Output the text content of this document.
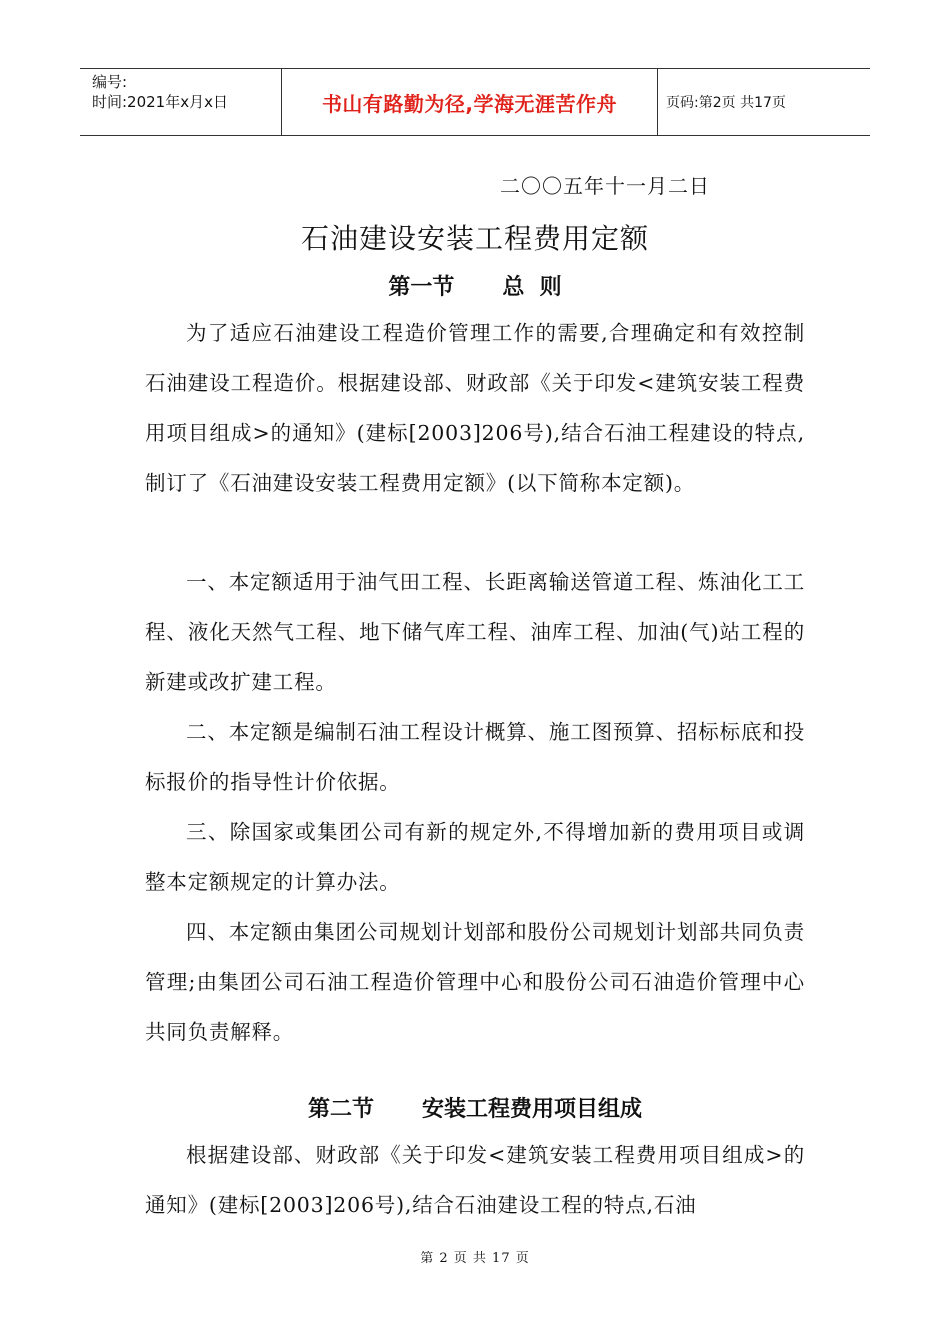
编号:
时间:2021年x月x日	书山有路勤为径,学海无涯苦作舟	页码:第2页 共17页
二〇〇五年十一月二日
石油建设安装工程费用定额
第一节 总  则

为了适应石油建设工程造价管理工作的需要,合理确定和有效控制石油建设工程造价。根据建设部、财政部《关于印发<建筑安装工程费用项目组成>的通知》(建标[2003]206号),结合石油工程建设的特点,制订了《石油建设安装工程费用定额》(以下简称本定额)。

一、本定额适用于油气田工程、长距离输送管道工程、炼油化工工程、液化天然气工程、地下储气库工程、油库工程、加油(气)站工程的新建或改扩建工程。

二、本定额是编制石油工程设计概算、施工图预算、招标标底和投标报价的指导性计价依据。

三、除国家或集团公司有新的规定外,不得增加新的费用项目或调整本定额规定的计算办法。

四、本定额由集团公司规划计划部和股份公司规划计划部共同负责管理;由集团公司石油工程造价管理中心和股份公司石油造价管理中心共同负责解释。

第二节 安装工程费用项目组成

根据建设部、财政部《关于印发<建筑安装工程费用项目组成>的通知》(建标[2003]206号),结合石油建设工程的特点,石油

第 2 页 共 17 页
